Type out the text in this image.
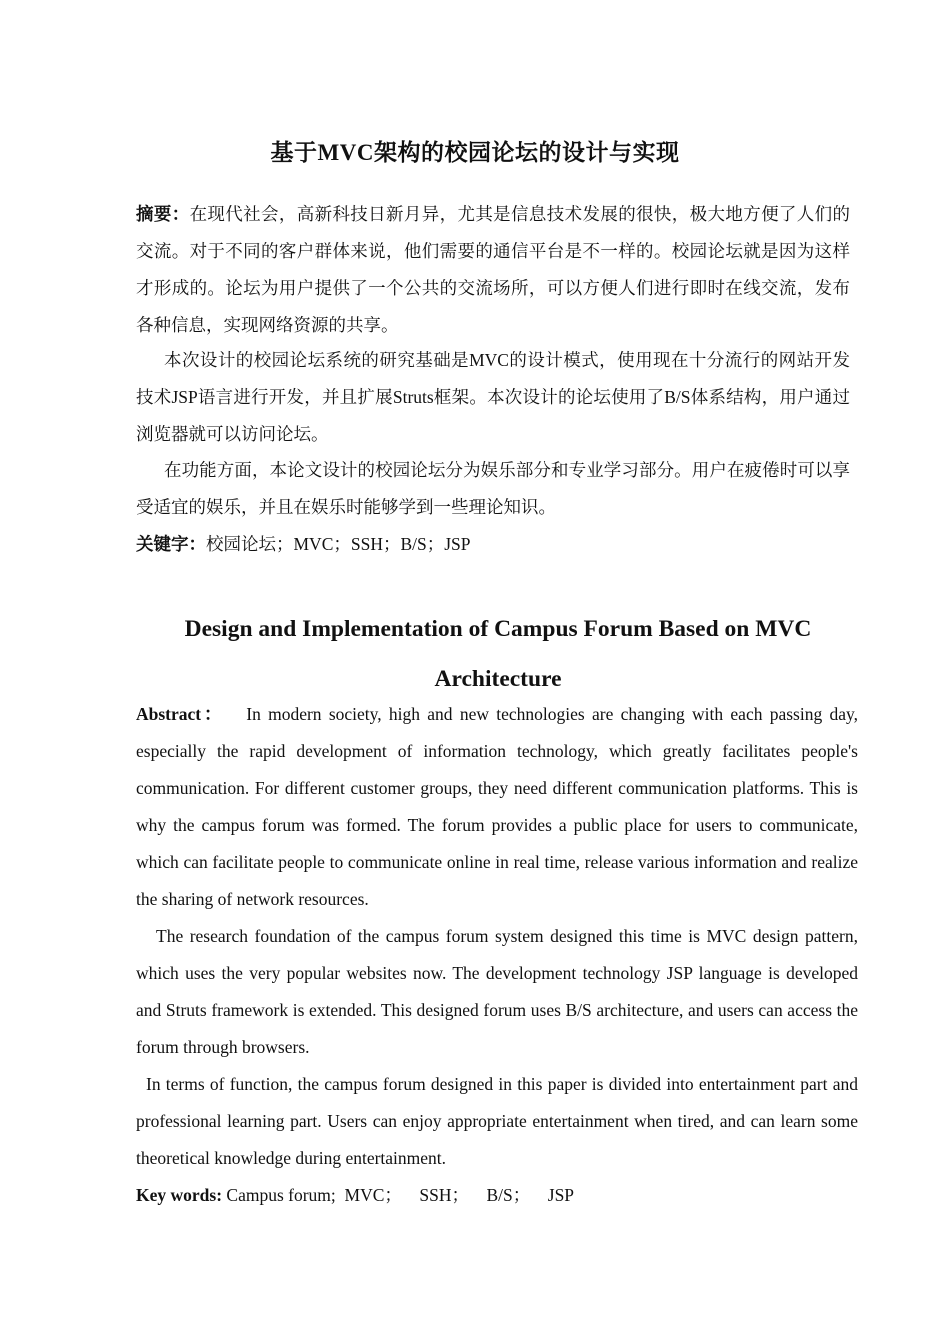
基于MVC架构的校园论坛的设计与实现
摘要：在现代社会，高新科技日新月异，尤其是信息技术发展的很快，极大地方便了人们的交流。对于不同的客户群体来说，他们需要的通信平台是不一样的。校园论坛就是因为这样才形成的。论坛为用户提供了一个公共的交流场所，可以方便人们进行即时在线交流，发布各种信息，实现网络资源的共享。
本次设计的校园论坛系统的研究基础是MVC的设计模式，使用现在十分流行的网站开发技术JSP语言进行开发，并且扩展Struts框架。本次设计的论坛使用了B/S体系结构，用户通过浏览器就可以访问论坛。
在功能方面，本论文设计的校园论坛分为娱乐部分和专业学习部分。用户在疲倦时可以享受适宜的娱乐，并且在娱乐时能够学到一些理论知识。
关键字：校园论坛；MVC；SSH；B/S；JSP
Design and Implementation of Campus Forum Based on MVC Architecture
Abstract： In modern society, high and new technologies are changing with each passing day, especially the rapid development of information technology, which greatly facilitates people's communication. For different customer groups, they need different communication platforms. This is why the campus forum was formed. The forum provides a public place for users to communicate, which can facilitate people to communicate online in real time, release various information and realize the sharing of network resources.
The research foundation of the campus forum system designed this time is MVC design pattern, which uses the very popular websites now. The development technology JSP language is developed and Struts framework is extended. This designed forum uses B/S architecture, and users can access the forum through browsers.
In terms of function, the campus forum designed in this paper is divided into entertainment part and professional learning part. Users can enjoy appropriate entertainment when tired, and can learn some theoretical knowledge during entertainment.
Key words: Campus forum;  MVC；    SSH；    B/S；    JSP
